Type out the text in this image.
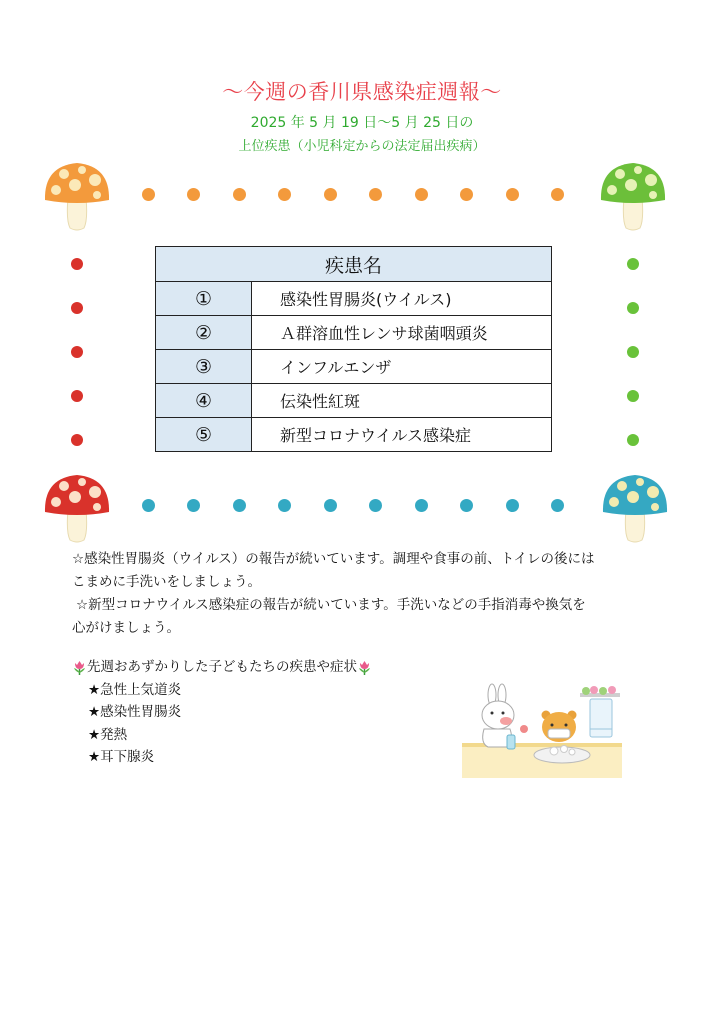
〜今週の香川県感染症週報〜
2025 年 5 月 19 日〜5 月 25 日の
上位疾患（小児科定からの法定届出疾病）
疾患名	
①	感染性胃腸炎(ウイルス)
②	Ａ群溶血性レンサ球菌咽頭炎
③	インフルエンザ
④	伝染性紅斑
⑤	新型コロナウイルス感染症

☆感染性胃腸炎（ウイルス）の報告が続いています。調理や食事の前、トイレの後には

こまめに手洗いをしましょう。

☆新型コロナウイルス感染症の報告が続いています。手洗いなどの手指消毒や換気を

心がけましょう。

先週おあずかりした子どもたちの疾患や症状
★急性上気道炎
★感染性胃腸炎
★発熱
★耳下腺炎
